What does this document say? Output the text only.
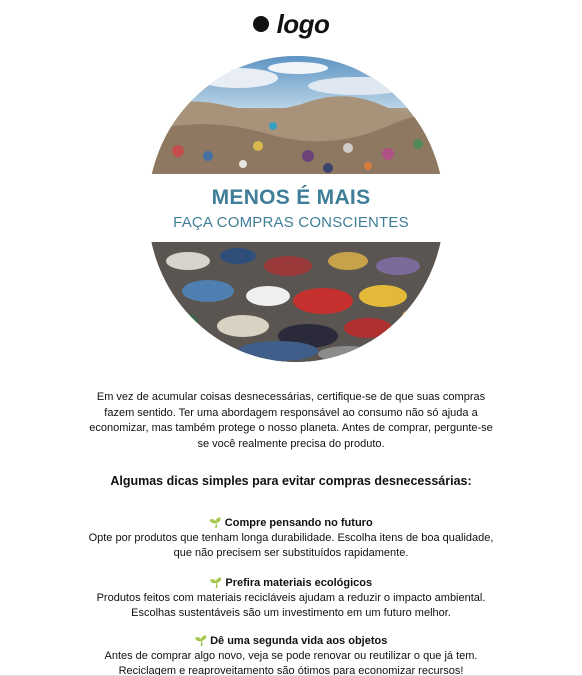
logo
MENOS É MAIS
FAÇA COMPRAS CONSCIENTES
Em vez de acumular coisas desnecessárias, certifique-se de que suas compras fazem sentido. Ter uma abordagem responsável ao consumo não só ajuda a economizar, mas também protege o nosso planeta. Antes de comprar, pergunte-se se você realmente precisa do produto.
Algumas dicas simples para evitar compras desnecessárias:
🌱 Compre pensando no futuro
Opte por produtos que tenham longa durabilidade. Escolha itens de boa qualidade,
que não precisem ser substituídos rapidamente.
🌱 Prefira materiais ecológicos
Produtos feitos com materiais recicláveis ajudam a reduzir o impacto ambiental.
Escolhas sustentáveis são um investimento em um futuro melhor.
🌱 Dê uma segunda vida aos objetos
Antes de comprar algo novo, veja se pode renovar ou reutilizar o que já tem.
Reciclagem e reaproveitamento são ótimos para economizar recursos!
